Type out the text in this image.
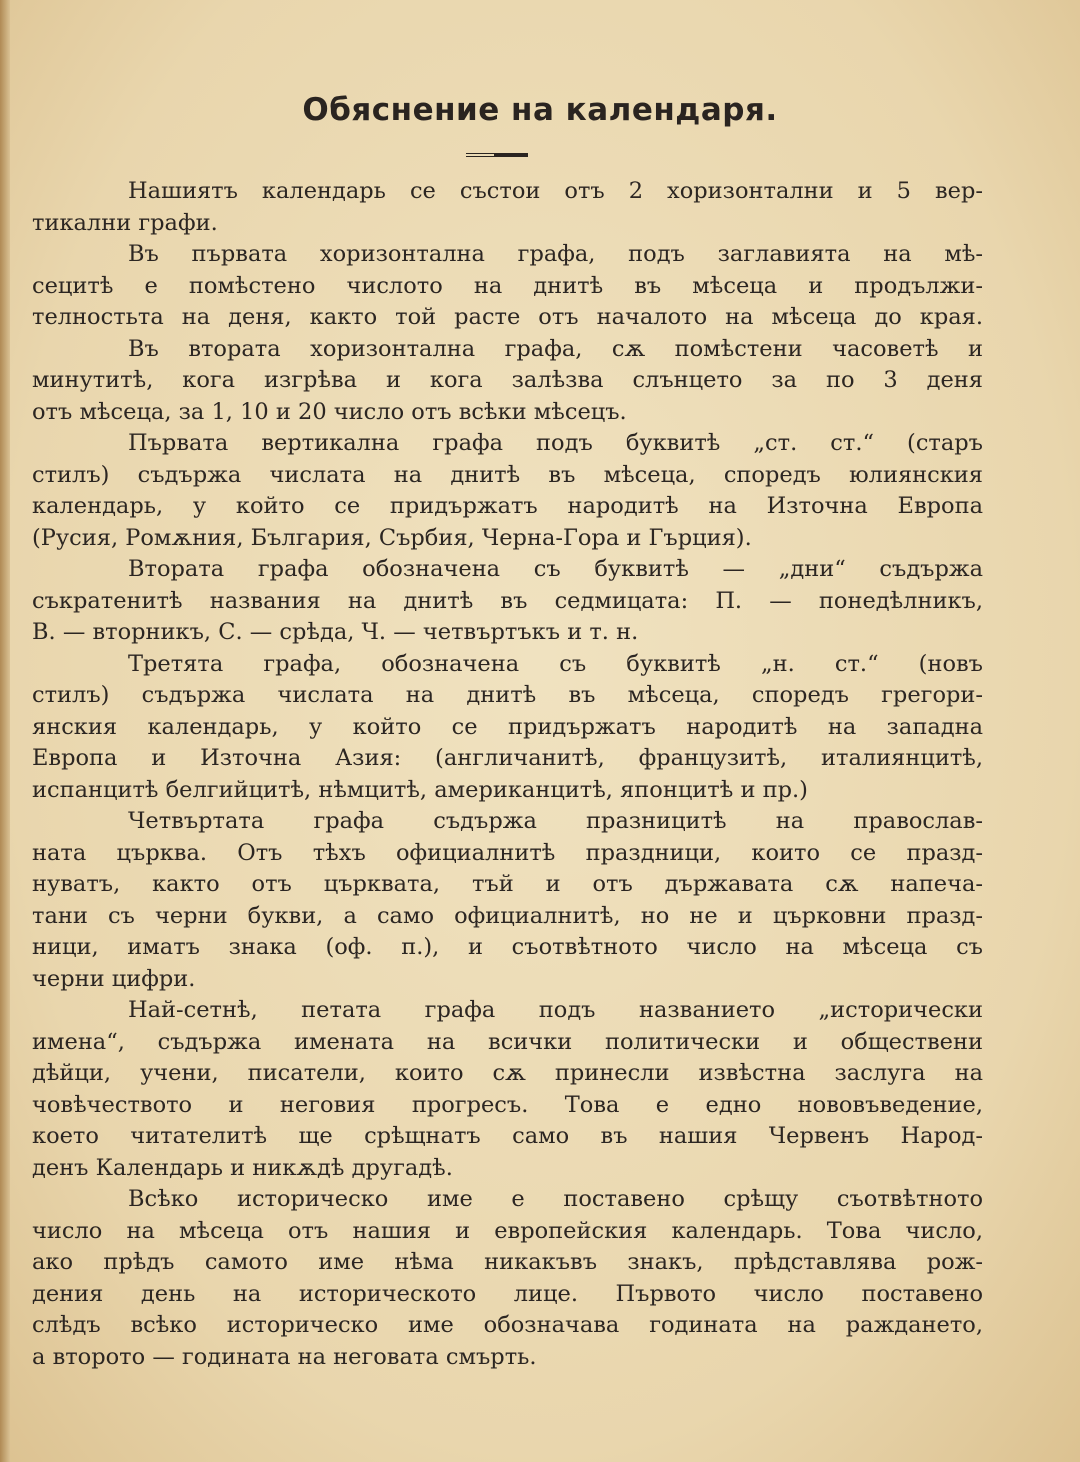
Обяснение на календаря.
Нашиятъ календарь се състои отъ 2 хоризонтални и 5 вер-
тикални графи.
Въ първата хоризонтална графа, подъ заглавията на мѣ-
сецитѣ е помѣстено числото на днитѣ въ мѣсеца и продължи-
телностьта на деня, както той расте отъ началото на мѣсеца до края.
Въ втората хоризонтална графа, сѫ помѣстени часоветѣ и
минутитѣ, кога изгрѣва и кога залѣзва слънцето за по 3 деня
отъ мѣсеца, за 1, 10 и 20 число отъ всѣки мѣсецъ.
Първата вертикална графа подъ буквитѣ „ст. ст.“ (старъ
стилъ) съдържа числата на днитѣ въ мѣсеца, споредъ юлиянския
календарь, у който се придържатъ народитѣ на Източна Европа
(Русия, Ромѫния, България, Сърбия, Черна-Гора и Гърция).
Втората графа обозначена съ буквитѣ — „дни“ съдържа
съкратенитѣ названия на днитѣ въ седмицата: П. — понедѣлникъ,
В. — вторникъ, С. — срѣда, Ч. — четвъртъкъ и т. н.
Третята графа, обозначена съ буквитѣ „н. ст.“ (новъ
стилъ) съдържа числата на днитѣ въ мѣсеца, споредъ грегори-
янския календарь, у който се придържатъ народитѣ на западна
Европа и Източна Азия: (англичанитѣ, французитѣ, италиянцитѣ,
испанцитѣ белгийцитѣ, нѣмцитѣ, американцитѣ, японцитѣ и пр.)
Четвъртата графа съдържа празницитѣ на православ-
ната църква. Отъ тѣхъ официалнитѣ праздници, които се празд-
нуватъ, както отъ църквата, тъй и отъ държавата сѫ напеча-
тани съ черни букви, а само официалнитѣ, но не и църковни празд-
ници, иматъ знака (оф. п.), и съотвѣтното число на мѣсеца съ
черни цифри.
Най-сетнѣ, петата графа подъ названието „исторически
имена“, съдържа имената на всички политически и обществени
дѣйци, учени, писатели, които сѫ принесли извѣстна заслуга на
човѣчеството и неговия прогресъ. Това е едно нововъведение,
което читателитѣ ще срѣщнатъ само въ нашия Червенъ Народ-
денъ Календарь и никѫдѣ другадѣ.
Всѣко историческо име е поставено срѣщу съотвѣтното
число на мѣсеца отъ нашия и европейския календарь. Това число,
ако прѣдъ самото име нѣма никакъвъ знакъ, прѣдставлява рож-
дения день на историческото лице. Първото число поставено
слѣдъ всѣко историческо име обозначава годината на раждането,
а второто — годината на неговата смърть.
